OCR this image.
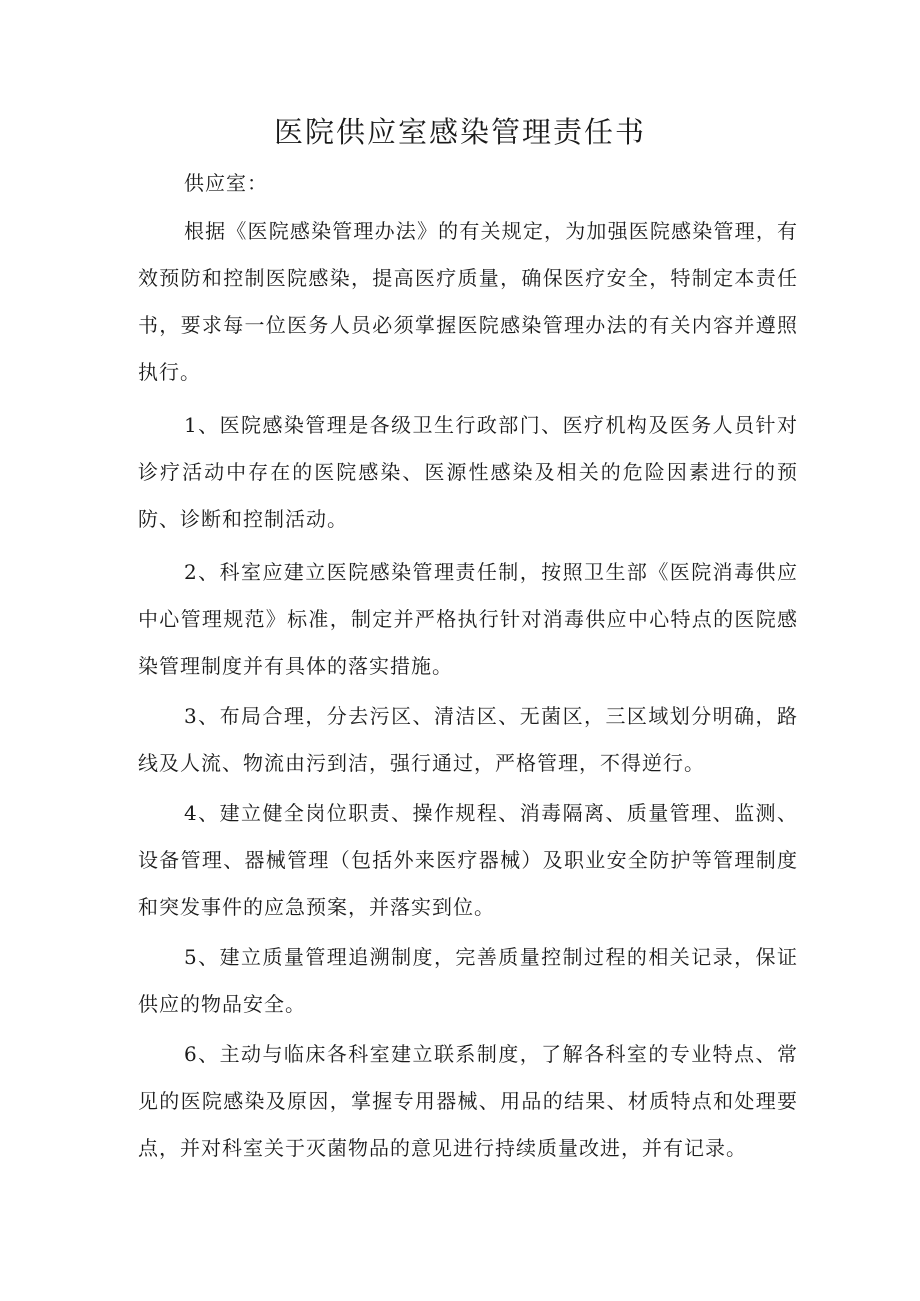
医院供应室感染管理责任书
供应室：

根据《医院感染管理办法》的有关规定，为加强医院感染管理，有效预防和控制医院感染，提高医疗质量，确保医疗安全，特制定本责任书，要求每一位医务人员必须掌握医院感染管理办法的有关内容并遵照执行。

1、医院感染管理是各级卫生行政部门、医疗机构及医务人员针对诊疗活动中存在的医院感染、医源性感染及相关的危险因素进行的预防、诊断和控制活动。

2、科室应建立医院感染管理责任制，按照卫生部《医院消毒供应中心管理规范》标准，制定并严格执行针对消毒供应中心特点的医院感染管理制度并有具体的落实措施。

3、布局合理，分去污区、清洁区、无菌区，三区域划分明确，路线及人流、物流由污到洁，强行通过，严格管理，不得逆行。

4、建立健全岗位职责、操作规程、消毒隔离、质量管理、监测、设备管理、器械管理（包括外来医疗器械）及职业安全防护等管理制度和突发事件的应急预案，并落实到位。

5、建立质量管理追溯制度，完善质量控制过程的相关记录，保证供应的物品安全。

6、主动与临床各科室建立联系制度，了解各科室的专业特点、常见的医院感染及原因，掌握专用器械、用品的结果、材质特点和处理要点，并对科室关于灭菌物品的意见进行持续质量改进，并有记录。
